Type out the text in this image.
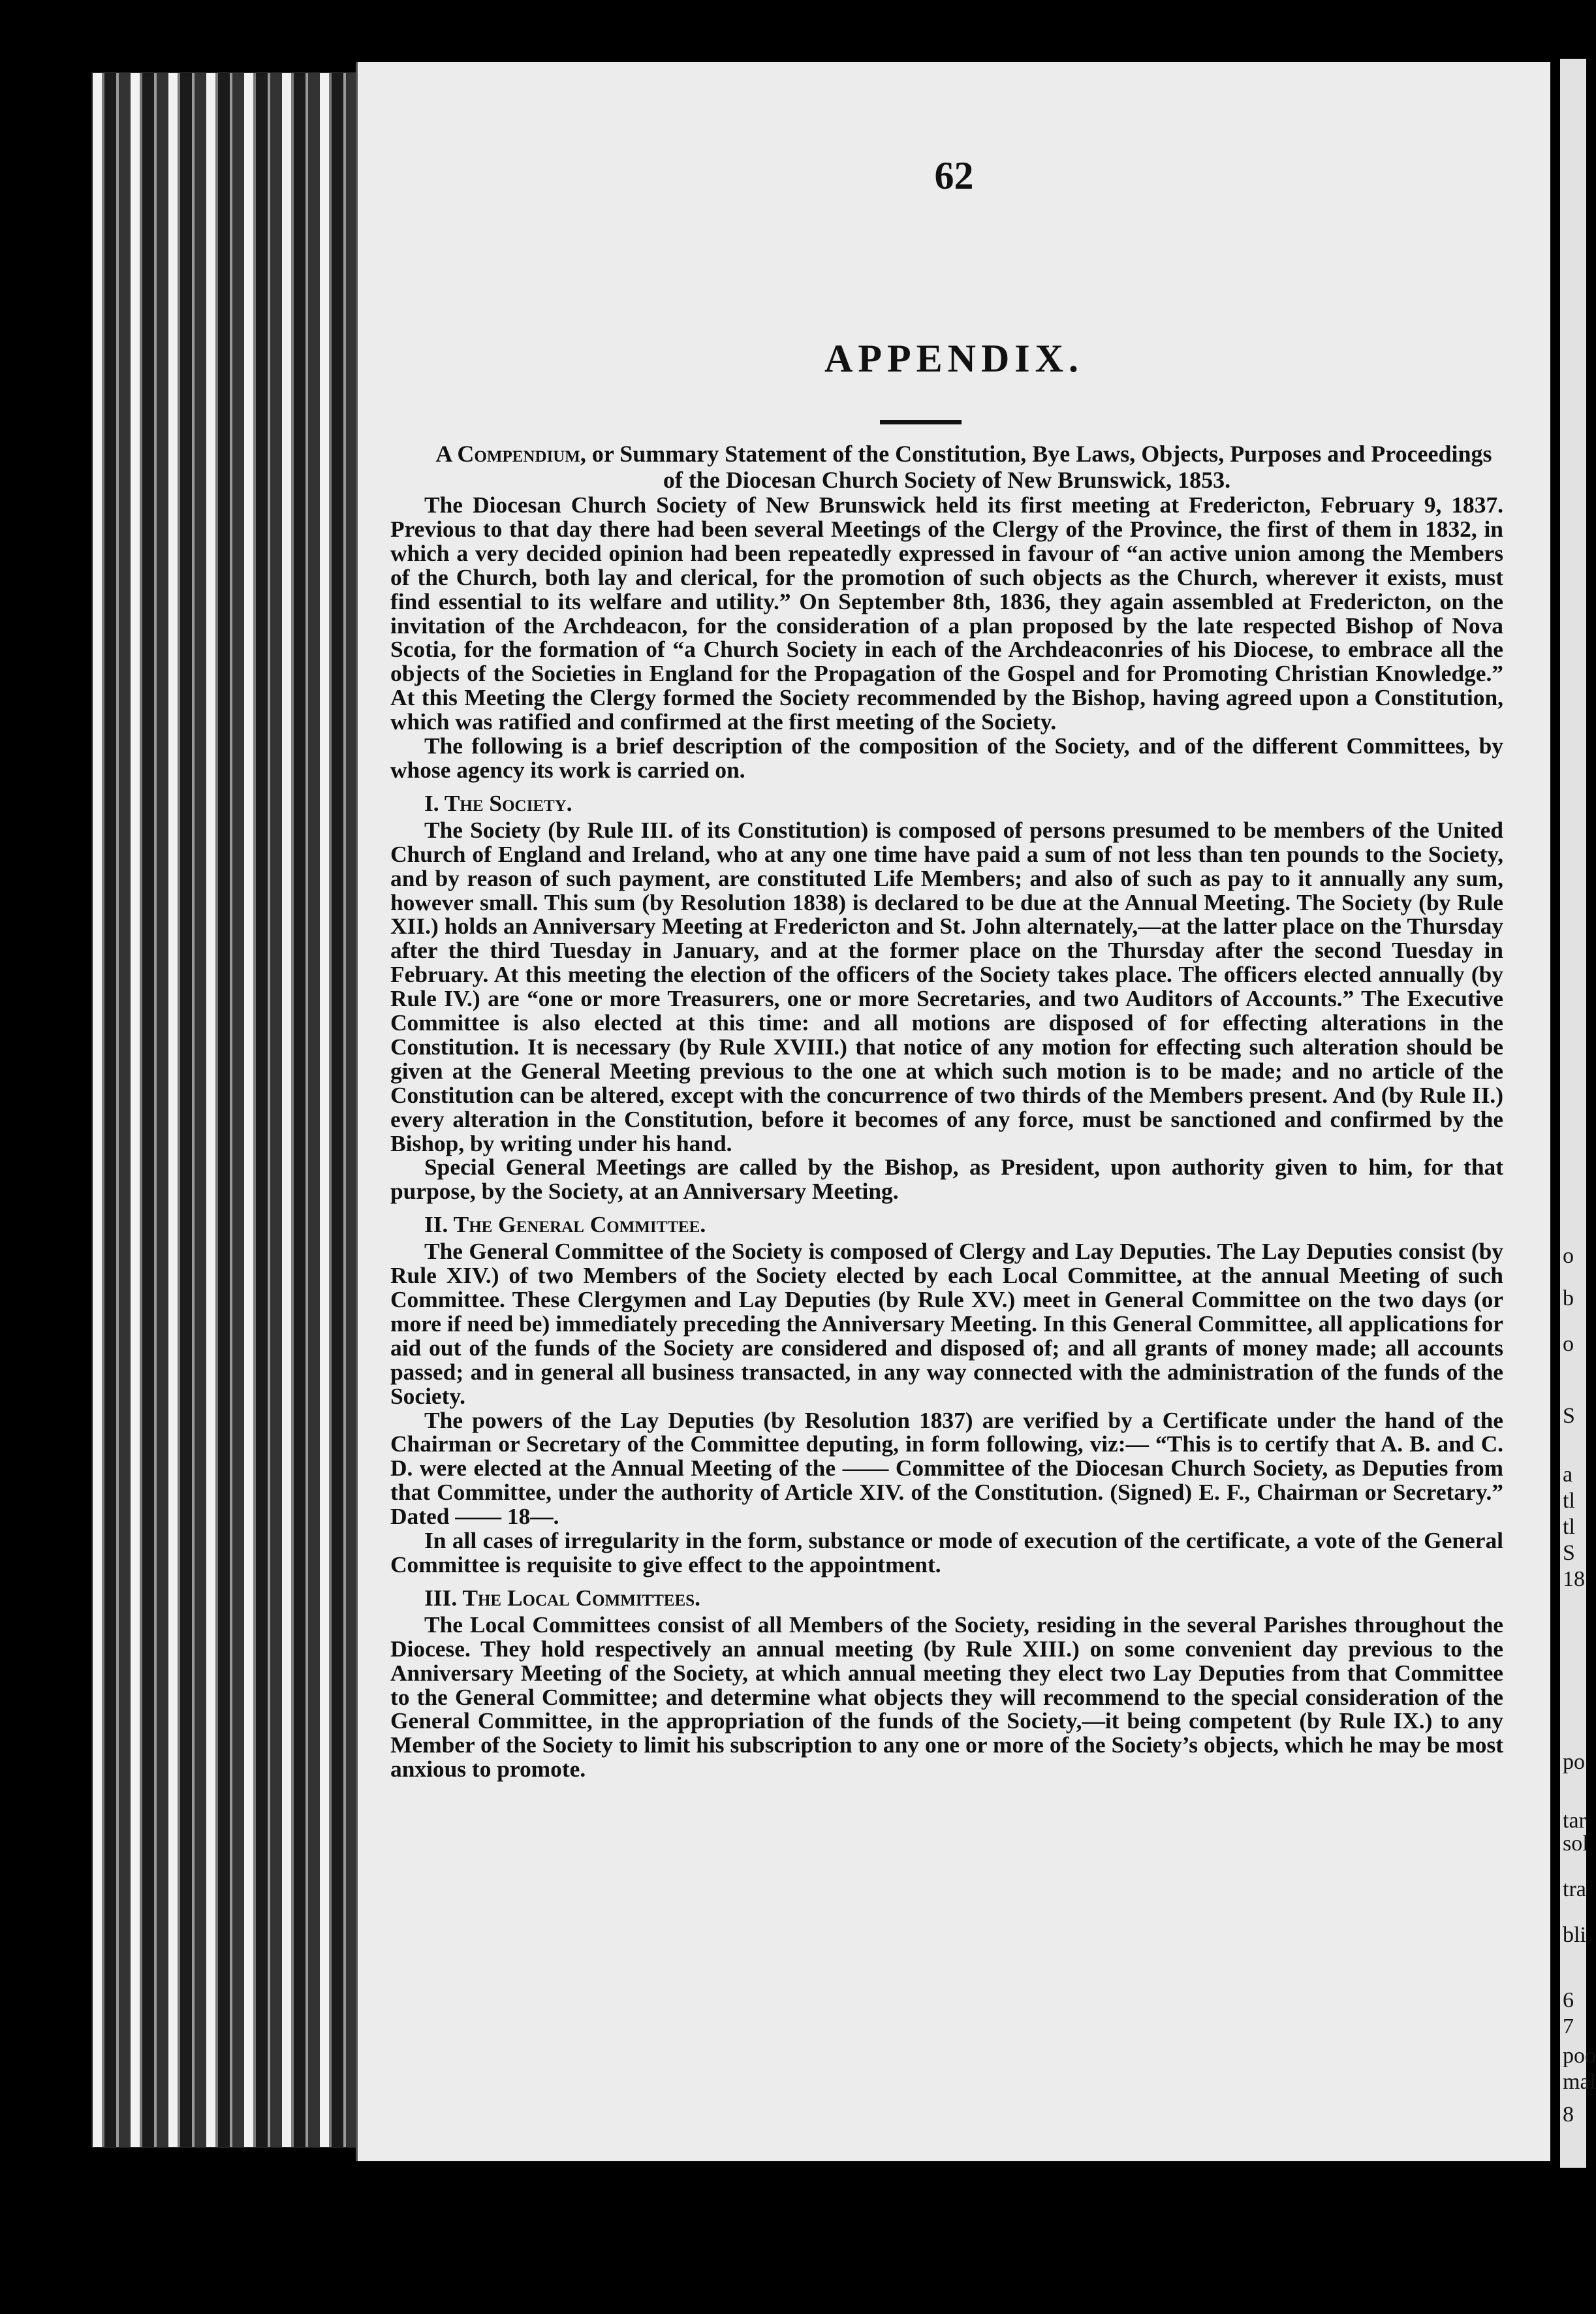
o
b
o
S
a
tl
tl
S
18
po
tar
sol
tra
bli
6
7
poo
mal
8
62
APPENDIX.

A Compendium, or Summary Statement of the Constitution, Bye Laws, Objects, Purposes and Proceedings of the Diocesan Church Society of New Brunswick, 1853.

The Diocesan Church Society of New Brunswick held its first meeting at Fredericton, February 9, 1837. Previous to that day there had been several Meetings of the Clergy of the Province, the first of them in 1832, in which a very decided opinion had been repeatedly expressed in favour of “an active union among the Members of the Church, both lay and clerical, for the promotion of such objects as the Church, wherever it exists, must find essential to its welfare and utility.” On September 8th, 1836, they again assembled at Fredericton, on the invitation of the Archdeacon, for the consideration of a plan proposed by the late respected Bishop of Nova Scotia, for the formation of “a Church Society in each of the Archdeaconries of his Diocese, to embrace all the objects of the Societies in England for the Propagation of the Gospel and for Promoting Christian Knowledge.” At this Meeting the Clergy formed the Society recommended by the Bishop, having agreed upon a Constitution, which was ratified and confirmed at the first meeting of the Society.

The following is a brief description of the composition of the Society, and of the different Committees, by whose agency its work is carried on.

I. The Society.

The Society (by Rule III. of its Constitution) is composed of persons presumed to be members of the United Church of England and Ireland, who at any one time have paid a sum of not less than ten pounds to the Society, and by reason of such payment, are constituted Life Members; and also of such as pay to it annually any sum, however small. This sum (by Resolution 1838) is declared to be due at the Annual Meeting. The Society (by Rule XII.) holds an Anniversary Meeting at Fredericton and St. John alternately,—at the latter place on the Thursday after the third Tuesday in January, and at the former place on the Thursday after the second Tuesday in February. At this meeting the election of the officers of the Society takes place. The officers elected annually (by Rule IV.) are “one or more Treasurers, one or more Secretaries, and two Auditors of Accounts.” The Executive Committee is also elected at this time: and all motions are disposed of for effecting alterations in the Constitution. It is necessary (by Rule XVIII.) that notice of any motion for effecting such alteration should be given at the General Meeting previous to the one at which such motion is to be made; and no article of the Constitution can be altered, except with the concurrence of two thirds of the Members present. And (by Rule II.) every alteration in the Constitution, before it becomes of any force, must be sanctioned and confirmed by the Bishop, by writing under his hand.

Special General Meetings are called by the Bishop, as President, upon authority given to him, for that purpose, by the Society, at an Anniversary Meeting.

II. The General Committee.

The General Committee of the Society is composed of Clergy and Lay Deputies. The Lay Deputies consist (by Rule XIV.) of two Members of the Society elected by each Local Committee, at the annual Meeting of such Committee. These Clergymen and Lay Deputies (by Rule XV.) meet in General Committee on the two days (or more if need be) immediately preceding the Anniversary Meeting. In this General Committee, all applications for aid out of the funds of the Society are considered and disposed of; and all grants of money made; all accounts passed; and in general all business transacted, in any way connected with the administration of the funds of the Society.

The powers of the Lay Deputies (by Resolution 1837) are verified by a Certificate under the hand of the Chairman or Secretary of the Committee deputing, in form following, viz:— “This is to certify that A. B. and C. D. were elected at the Annual Meeting of the —— Committee of the Diocesan Church Society, as Deputies from that Committee, under the authority of Article XIV. of the Constitution. (Signed) E. F., Chairman or Secretary.” Dated —— 18—.

In all cases of irregularity in the form, substance or mode of execution of the certificate, a vote of the General Committee is requisite to give effect to the appointment.

III. The Local Committees.

The Local Committees consist of all Members of the Society, residing in the several Parishes throughout the Diocese. They hold respectively an annual meeting (by Rule XIII.) on some convenient day previous to the Anniversary Meeting of the Society, at which annual meeting they elect two Lay Deputies from that Committee to the General Committee; and determine what objects they will recommend to the special consideration of the General Committee, in the appropriation of the funds of the Society,—it being competent (by Rule IX.) to any Member of the Society to limit his subscription to any one or more of the Society’s objects, which he may be most anxious to promote.
